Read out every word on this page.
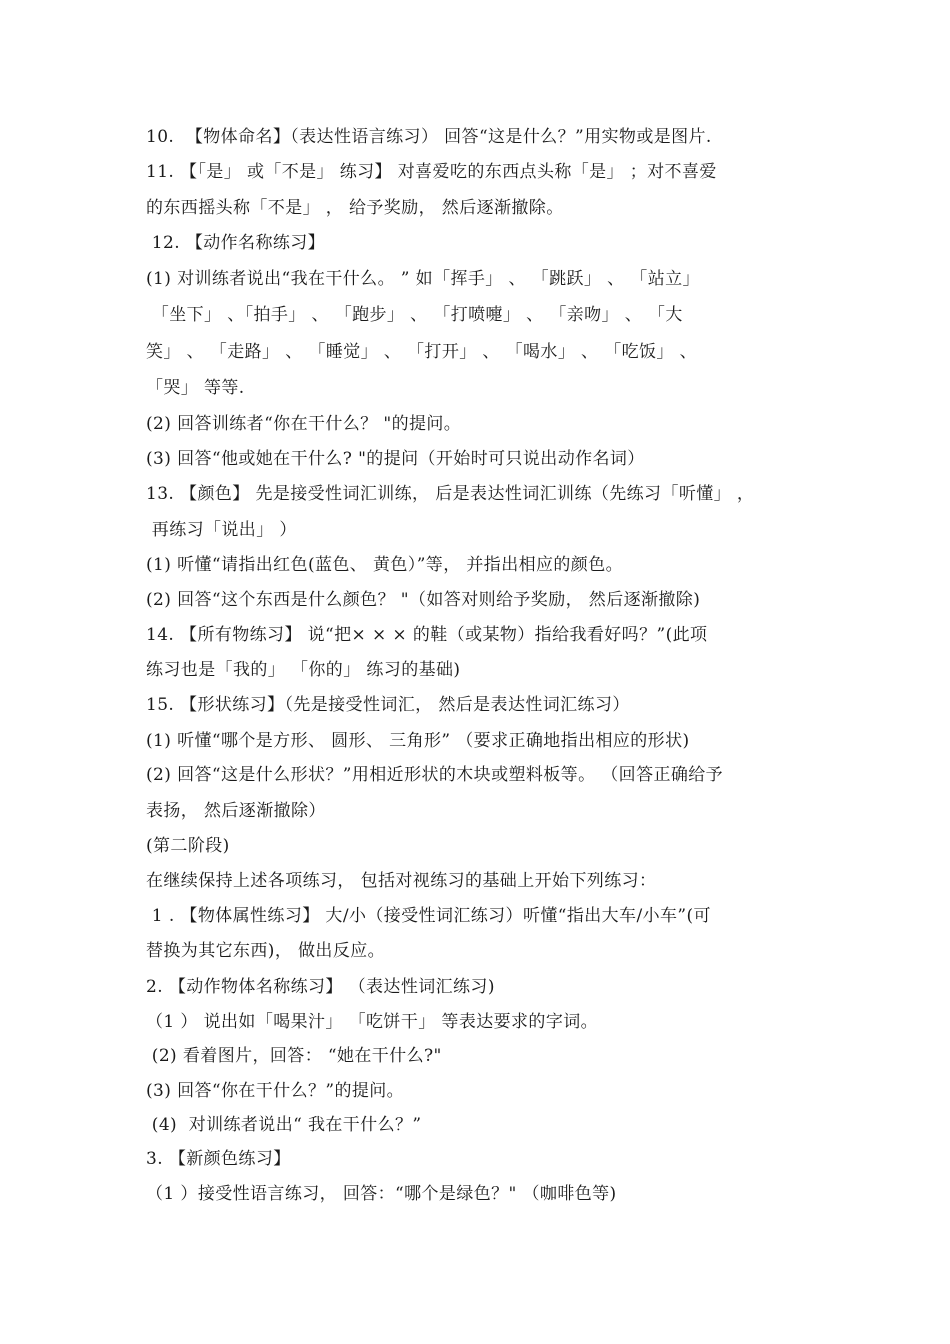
10.  【物体命名】（表达性语言练习） 回答“这是什么？”用实物或是图片.
11. 【「是」 或「不是」 练习】 对喜爱吃的东西点头称「是」 ；对不喜爱
的东西摇头称「不是」 ， 给予奖励， 然后逐渐撤除。
12. 【动作名称练习】
(1) 对训练者说出“我在干什么。 ” 如「挥手」 、 「跳跃」 、 「站立」
「坐下」 、「拍手」 、 「跑步」 、 「打喷嚏」 、 「亲吻」 、 「大
笑」 、 「走路」 、 「睡觉」 、 「打开」 、 「喝水」 、 「吃饭」 、
「哭」 等等.
(2) 回答训练者“你在干什么？ "的提问。
(3) 回答“他或她在干什么? "的提问（开始时可只说出动作名词）
13. 【颜色】 先是接受性词汇训练， 后是表达性词汇训练（先练习「听懂」 ，
再练习「说出」 ）
(1) 听懂“请指出红色(蓝色、 黄色）”等， 并指出相应的颜色。
(2) 回答“这个东西是什么颜色？ "（如答对则给予奖励， 然后逐渐撤除)
14. 【所有物练习】 说“把× × × 的鞋（或某物）指给我看好吗？”(此项
练习也是「我的」 「你的」 练习的基础)
15. 【形状练习】（先是接受性词汇， 然后是表达性词汇练习）
(1) 听懂“哪个是方形、 圆形、 三角形” （要求正确地指出相应的形状)
(2) 回答“这是什么形状？”用相近形状的木块或塑料板等。 （回答正确给予
表扬， 然后逐渐撤除）
(第二阶段)
在继续保持上述各项练习， 包括对视练习的基础上开始下列练习：
1 . 【物体属性练习】 大/小（接受性词汇练习）听懂“指出大车/小车”(可
替换为其它东西)， 做出反应。
2. 【动作物体名称练习】 （表达性词汇练习)
（1 ） 说出如「喝果汁」 「吃饼干」 等表达要求的字词。
(2) 看着图片，回答： “她在干什么?"
(3) 回答“你在干什么？”的提问。
(4)  对训练者说出“ 我在干什么？”
3. 【新颜色练习】
（1 ）接受性语言练习， 回答：“哪个是绿色？" （咖啡色等)
